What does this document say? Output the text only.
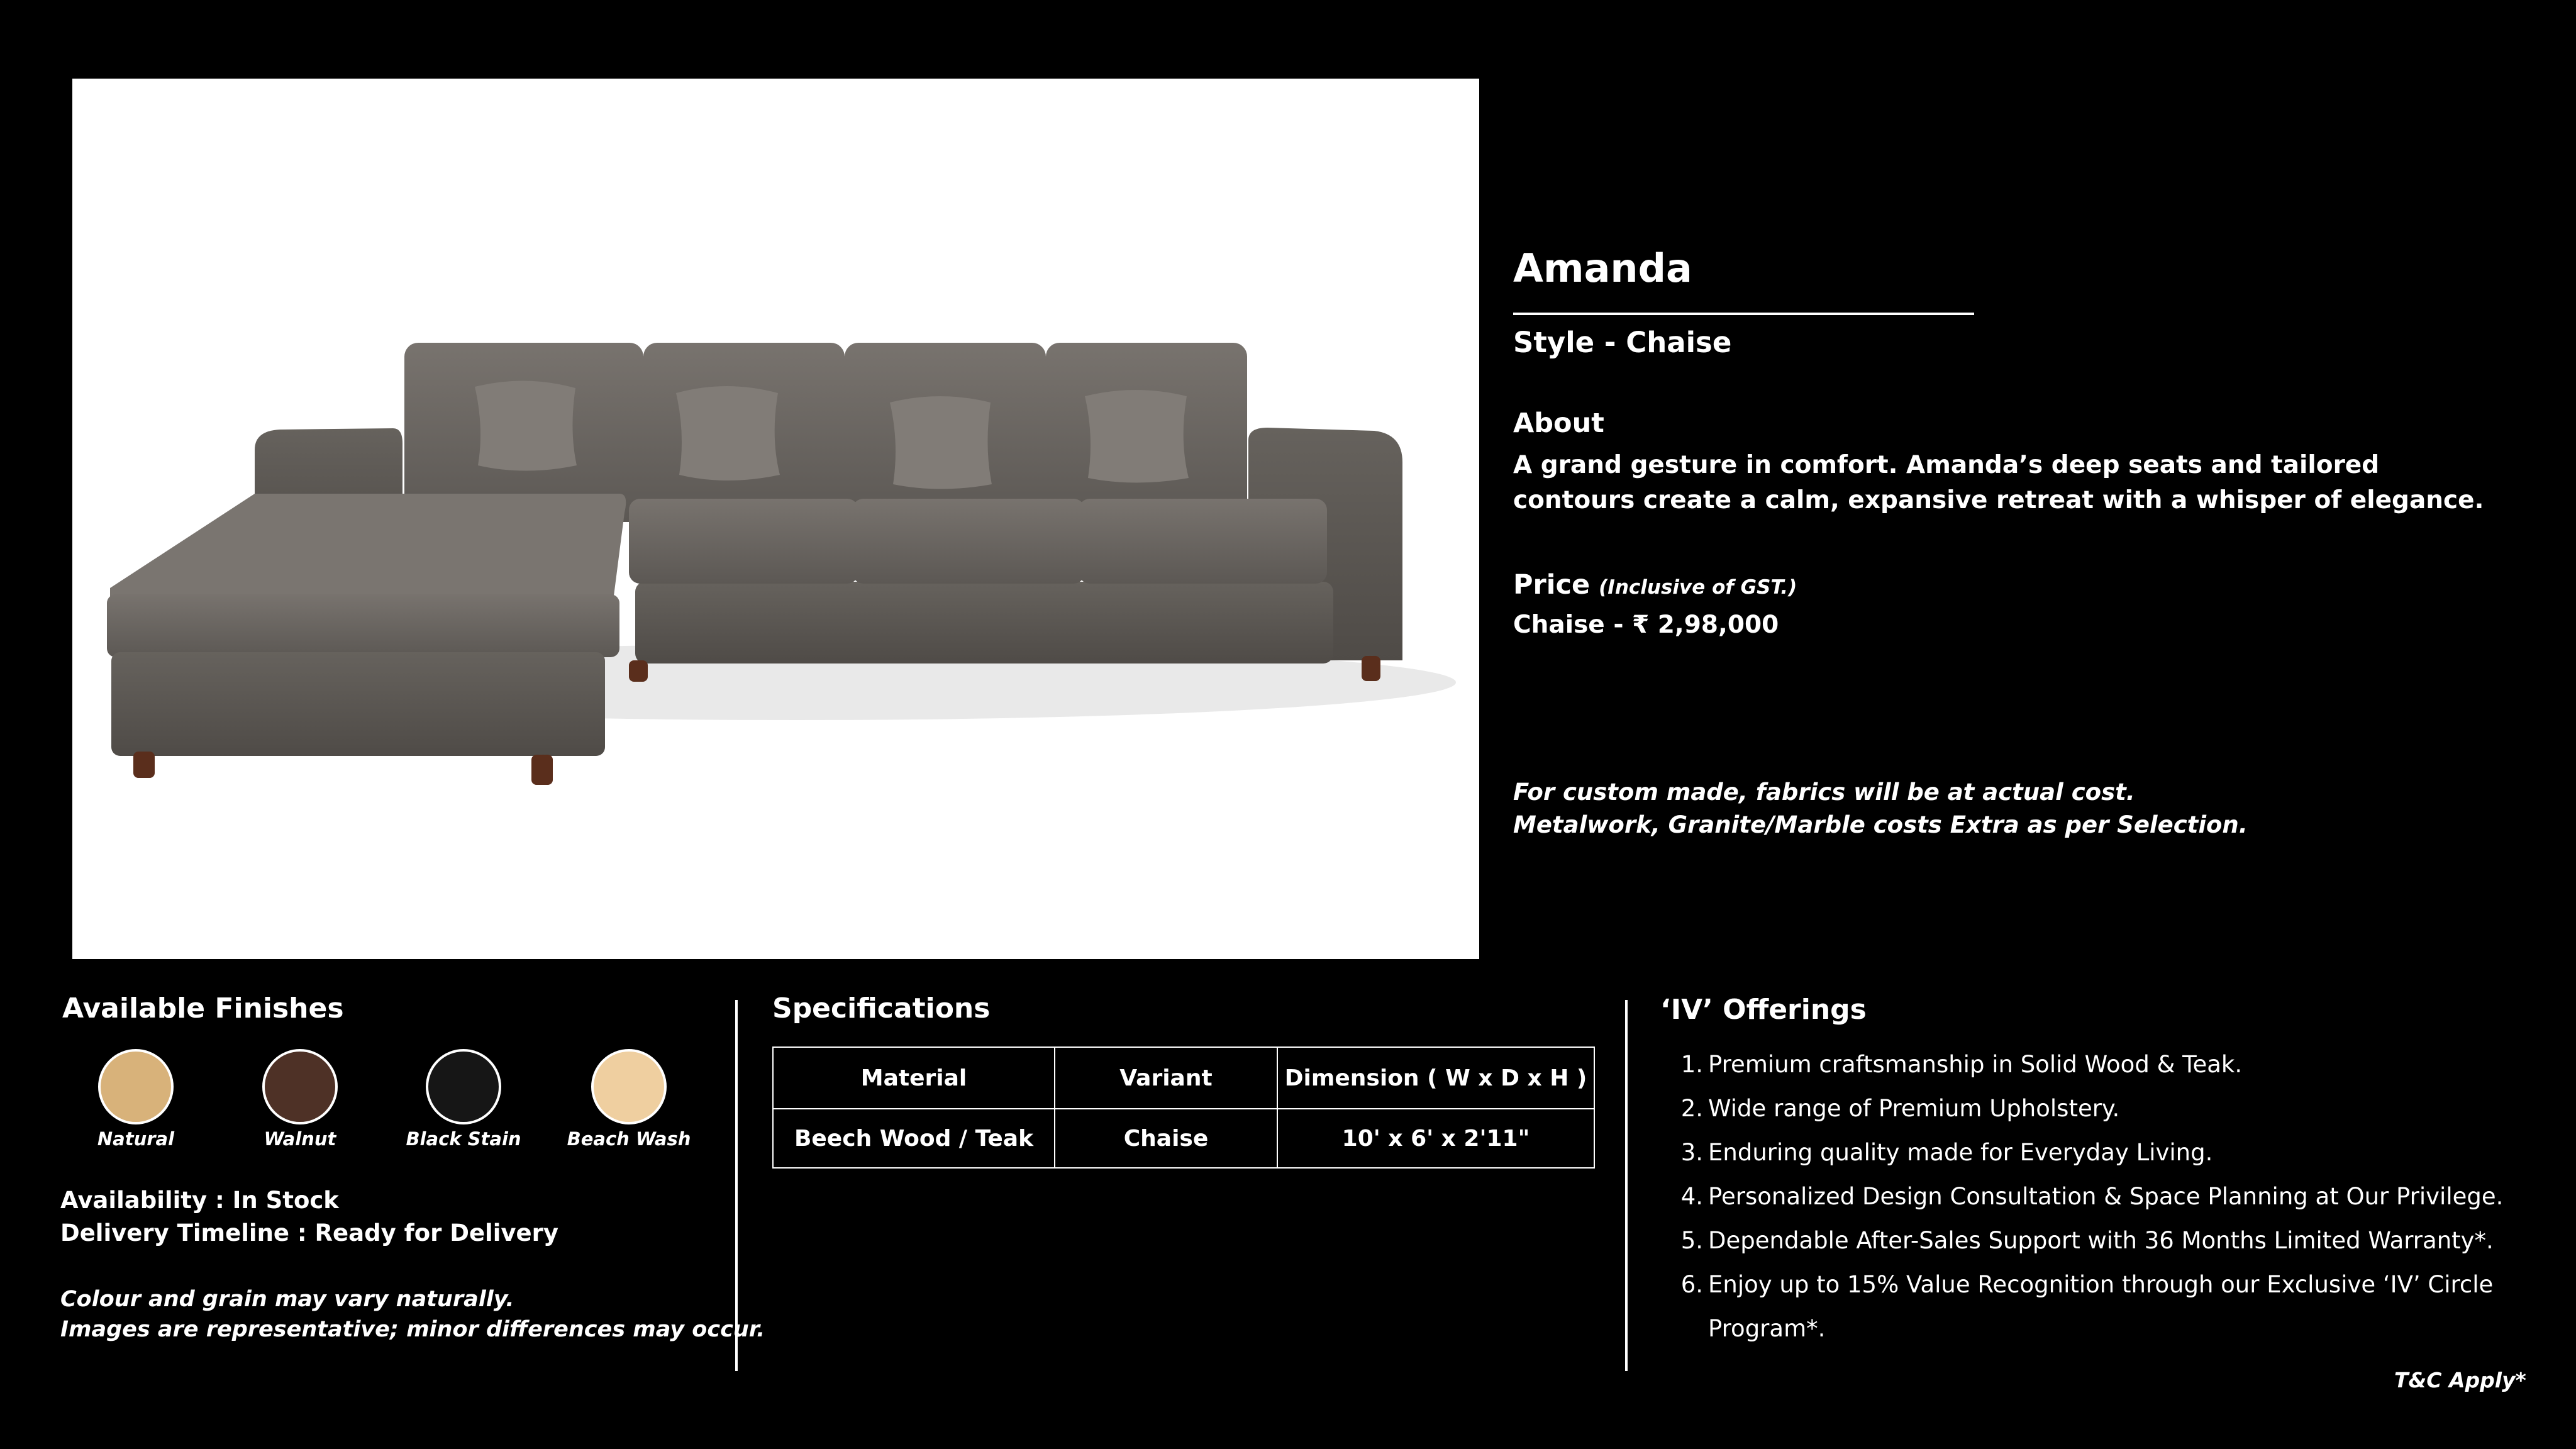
Amanda
Style - Chaise
About
A grand gesture in comfort. Amanda’s deep seats and tailored contours create a calm, expansive retreat with a whisper of elegance.
Price (Inclusive of GST.)
Chaise - ₹ 2,98,000
For custom made, fabrics will be at actual cost.
Metalwork, Granite/Marble costs Extra as per Selection.
Available Finishes
Natural	Walnut	Black Stain	Beach Wash
Availability : In Stock
Delivery Timeline : Ready for Delivery
Colour and grain may vary naturally.
Images are representative; minor differences may occur.
Specifications
Material	Variant	Dimension ( W x D x H )
Beech Wood / Teak	Chaise	10' x 6' x 2'11"
‘IV’ Offerings
1. Premium craftsmanship in Solid Wood & Teak.
2. Wide range of Premium Upholstery.
3. Enduring quality made for Everyday Living.
4. Personalized Design Consultation & Space Planning at Our Privilege.
5. Dependable After-Sales Support with 36 Months Limited Warranty*.
6. Enjoy up to 15% Value Recognition through our Exclusive ‘IV’ Circle Program*.
T&C Apply*
